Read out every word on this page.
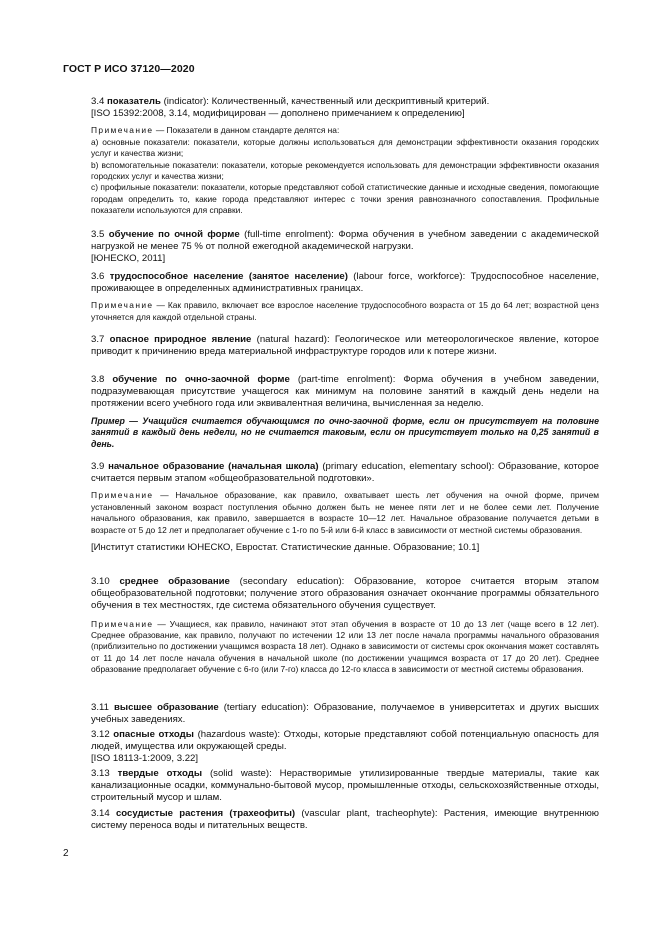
ГОСТ Р ИСО 37120—2020

3.4 показатель (indicator): Количественный, качественный или дескриптивный критерий.

[ISO 15392:2008, 3.14, модифицирован — дополнено примечанием к определению]

Примечание — Показатели в данном стандарте делятся на:

a) основные показатели: показатели, которые должны использоваться для демонстрации эффективности оказания городских услуг и качества жизни;

b) вспомогательные показатели: показатели, которые рекомендуется использовать для демонстрации эффективности оказания городских услуг и качества жизни;

c) профильные показатели: показатели, которые представляют собой статистические данные и исходные сведения, помогающие городам определить то, какие города представляют интерес с точки зрения равнозначного сопоставления. Профильные показатели используются для справки.

3.5 обучение по очной форме (full-time enrolment): Форма обучения в учебном заведении с академической нагрузкой не менее 75 % от полной ежегодной академической нагрузки.

[ЮНЕСКО, 2011]

3.6 трудоспособное население (занятое население) (labour force, workforce): Трудоспособное население, проживающее в определенных административных границах.

Примечание — Как правило, включает все взрослое население трудоспособного возраста от 15 до 64 лет; возрастной ценз уточняется для каждой отдельной страны.

3.7 опасное природное явление (natural hazard): Геологическое или метеорологическое явление, которое приводит к причинению вреда материальной инфраструктуре городов или к потере жизни.

3.8 обучение по очно-заочной форме (part-time enrolment): Форма обучения в учебном заведении, подразумевающая присутствие учащегося как минимум на половине занятий в каждый день недели на протяжении всего учебного года или эквивалентная величина, вычисленная за неделю.

Пример — Учащийся считается обучающимся по очно-заочной форме, если он присутствует на половине занятий в каждый день недели, но не считается таковым, если он присутствует только на 0,25 занятий в день.

3.9 начальное образование (начальная школа) (primary education, elementary school): Образование, которое считается первым этапом «общеобразовательной подготовки».

Примечание — Начальное образование, как правило, охватывает шесть лет обучения на очной форме, причем установленный законом возраст поступления обычно должен быть не менее пяти лет и не более семи лет. Получение начального образования, как правило, завершается в возрасте 10—12 лет. Начальное образование получается детьми в возрасте от 5 до 12 лет и предполагает обучение с 1-го по 5-й или 6-й класс в зависимости от местной системы образования.

[Институт статистики ЮНЕСКО, Евростат. Статистические данные. Образование; 10.1]

3.10 среднее образование (secondary education): Образование, которое считается вторым этапом общеобразовательной подготовки; получение этого образования означает окончание программы обязательного обучения в тех местностях, где система обязательного обучения существует.

Примечание — Учащиеся, как правило, начинают этот этап обучения в возрасте от 10 до 13 лет (чаще всего в 12 лет). Среднее образование, как правило, получают по истечении 12 или 13 лет после начала программы начального образования (приблизительно по достижении учащимся возраста 18 лет). Однако в зависимости от системы срок окончания может составлять от 11 до 14 лет после начала обучения в начальной школе (по достижении учащимся возраста от 17 до 20 лет). Среднее образование предполагает обучение с 6-го (или 7-го) класса до 12-го класса в зависимости от местной системы образования.

3.11 высшее образование (tertiary education): Образование, получаемое в университетах и других высших учебных заведениях.

3.12 опасные отходы (hazardous waste): Отходы, которые представляют собой потенциальную опасность для людей, имущества или окружающей среды.

[ISO 18113-1:2009, 3.22]

3.13 твердые отходы (solid waste): Нерастворимые утилизированные твердые материалы, такие как канализационные осадки, коммунально-бытовой мусор, промышленные отходы, сельскохозяйственные отходы, строительный мусор и шлам.

3.14 сосудистые растения (трахеофиты) (vascular plant, tracheophyte): Растения, имеющие внутреннюю систему переноса воды и питательных веществ.

2
